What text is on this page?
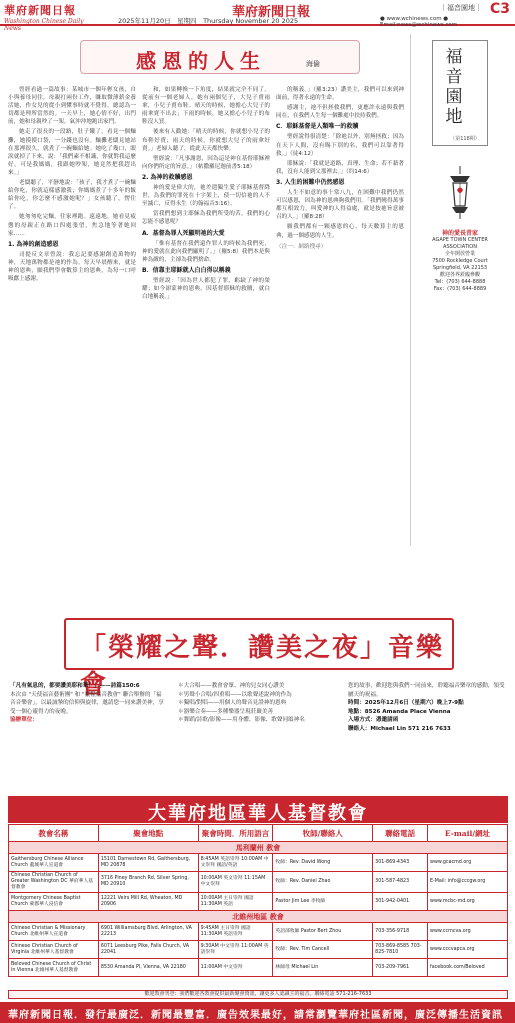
華府新聞日報
Washington Chinese Daily News
2025年11月20日　星期四　Thursday November 20 2025
華府新聞日報	｜福音園地｜ C3
● www.wchinews.com ● Email:news@wchinews.com
感恩的人生	海倫

曾經看過一篇故事：某城市一個年輕女孩，自小與養母同住，母親打兩份工作，賺取微薄薪金養活她，作女兒的從小到懂事時就不覺得，總認為一切都是理所當然的。一天早上，她心情不好，出門前，她和母親吵了一架，氣沖沖地跑出家門。

她走了很長的一段路，肚子餓了，看見一個麵攤，她摸摸口袋，一分錢也沒有。麵攤老闆見她站在那裡很久，就煮了一碗麵給她。她吃了幾口，眼淚就掉了下來，說：「我們素不相識，你就對我這麼好，可是我媽媽，我跟她吵架，她竟然把我趕出來。」

老闆聽了，平靜地說：「孩子，我才煮了一碗麵給你吃，你就這樣感激我；你媽媽煮了十多年的飯給你吃，你怎麼不感激她呢？」女孩聽了，愣住了。

她匆匆吃完麵，往家裡跑。遠遠地，她看見疲憊的母親正在路口四處張望，焦急地等著她回家……

1. 為神的創造感恩

司提反文章曾說：我忘記要感謝創造萬物的神，天地萬物都是祂的作為。每天早晨醒來，就是神的恩典，願我們學會數算主的恩典，為每一口呼吸獻上感謝。

和，如果轉換一下角度，結果就完全不同了。從前有一個老婦人，她有兩個兒子，大兒子賣雨傘，小兒子賣布鞋。晴天的時候，她擔心大兒子的雨傘賣不出去；下雨的時候，她又擔心小兒子的布鞋沒人買。

後來有人勸她：「晴天的時候，你就想小兒子的布鞋好賣；雨天的時候，你就想大兒子的雨傘好賣。」老婦人聽了，從此天天都快樂。

聖經說：「凡事謝恩，因為這是神在基督耶穌裡向你們所定的旨意。」（帖撒羅尼迦前書5:18）

2. 為神的救贖感恩

神的愛是偉大的，祂差遣獨生愛子耶穌基督降世，為我們的罪死在十字架上，使一切信祂的人不至滅亡，反得永生（約翰福音3:16）。

當我們想到主耶穌為我們所受的苦，我們的心怎能不感恩呢？

A．基督為罪人死顯明祂的大愛

「惟有基督在我們還作罪人的時候為我們死，神的愛就在此向我們顯明了。」（羅5:8）我們本是與神為敵的，主卻為我們捨命。

B．信靠主耶穌就人白白得以稱義

聖經說：「因為世人都犯了罪，虧缺了神的榮耀；如今卻蒙神的恩典，因基督耶穌的救贖，就白白地稱義。」

的稱義。」（羅3:23）讚美主，我們可以來到神面前，得著永遠的生命。

感謝主，祂不但拯救我們，更應許永遠與我們同在，在我們人生每一個難處中扶持我們。

C．耶穌基督是人類唯一的救贖

聖經說得很清楚：「除祂以外，別無拯救；因為在天下人間，沒有賜下別的名，我們可以靠著得救。」（徒4:12）

耶穌說：「我就是道路、真理、生命；若不藉著我，沒有人能到父那裡去。」（約14:6）

3. 人生的困難中仍然感恩

人生不如意的事十常八九，在困難中我們仍然可以感恩，因為神的恩典夠我們用。「我們曉得萬事都互相效力，叫愛神的人得益處，就是按祂旨意被召的人。」（羅8:28）

願我們都有一顆感恩的心，每天數算主的恩典，過一個感恩的人生。

（注一：網路搜尋）
福音園地
（第118期）
神的愛長青家
AGAPE TOWN CENTER
ASSOCIATION
全年開放營業
7500 Rockledge Court
Springfield, VA 22153
歡迎各界蒞臨參觀
Tel：(703) 644-8888
Fax：(703) 644-8889
「榮耀之聲．讚美之夜」音樂會
「凡有氣息的，都要讚美耶和華！」——詩篇150:6
本次由 "天使福音藝術團" 和 "靈糧福音教會" 聯合舉辦的「福音音樂會」，以最誠摯的信仰與旋律，邀請您一同來讚美神，享受一個心靈得力的夜晚。
協辦單位：
＊大合唱——教會會眾、神的兒女同心讚美
＊男聲小合唱/四重唱——以歌聲述說神的作為
＊獨唱/對唱——用個人的聲音見證神的恩典
＊器樂合奏——多種樂器呈現莊嚴美善
＊舞蹈/詩歌/影像——用身體、影像、歌聲同頌神名
您的故事，歡迎您與我們一同前來，聆聽福音樂章的感動，領受屬天的祝福。
時間：2025年12月6日（星期六）晚上7-9點
地點：8526 Amanda Place Vienna
入場方式：憑邀請函
聯絡人：Michael Lin 571 216 7633
大華府地區華人基督教會
教會名稱	聚會地點	聚會時間．所用語言	牧師/聯絡人	聯絡電話	E-mail/網址
馬利蘭州 教會					
Gaithersburg Chinese Alliance Church 蓋城華人宣道會	15101 Darnestown Rd, Gaithersburg, MD 20878	8:45AM 英語崇拜 10:00AM 中文崇拜 國語/英語	牧師：Rev. David Wong	301-869-4343	www.gcacmd.org
Chinese Christian Church of Greater Washington DC 華府華人基督教會	3716 Piney Branch Rd, Silver Spring, MD 20910	10:00AM 英文崇拜 11:15AM 中文崇拜	牧師：Rev. Daniel Zhao	301-587-4823	E-Mail: info@cccgw.org
Montgomery Chinese Baptist Church 蒙郡華人浸信會	12221 Veirs Mill Rd, Wheaton, MD 20906	10:00AM 主日崇拜 國語 11:30AM 英語	Pastor Jim Lee 李牧師	301-942-0401	www.mcbc-md.org
北維州地區 教會					
Chinese Christian & Missionary Church 北維州華人宣道會	6901 Williamsburg Blvd, Arlington, VA 22213	9:45AM 主日崇拜 國語 11:30AM 英語崇拜	英語部牧師 Pastor Bert Zhou	703-356-9718	www.ccmcva.org
Chinese Christian Church of Virginia 北維州華人基督教會	6071 Leesburg Pike, Falls Church, VA 22041	9:30AM 中文崇拜 11:00AM 英語崇拜	牧師：Rev. Tim Cancell	703-869-8585 703-825-7810	www.cccvapca.org
Beloved Chinese Church of Christ in Vienna 北維州華人基督教會	8530 Amanda Pl, Vienna, VA 22180	11:00AM 中文崇拜	林師母 Michael Lin	703-209-7961	facebook.com/Beloved
歡迎教會刊登：我們歡迎各教會提供最新聚會資訊，讓更多人認識主的福音。聯絡電話 571-216-7633
華府新聞日報．發行最廣泛．新聞最豐富．廣告效果最好，請常瀏覽華府社區新聞，廣泛傳播生活資訊
